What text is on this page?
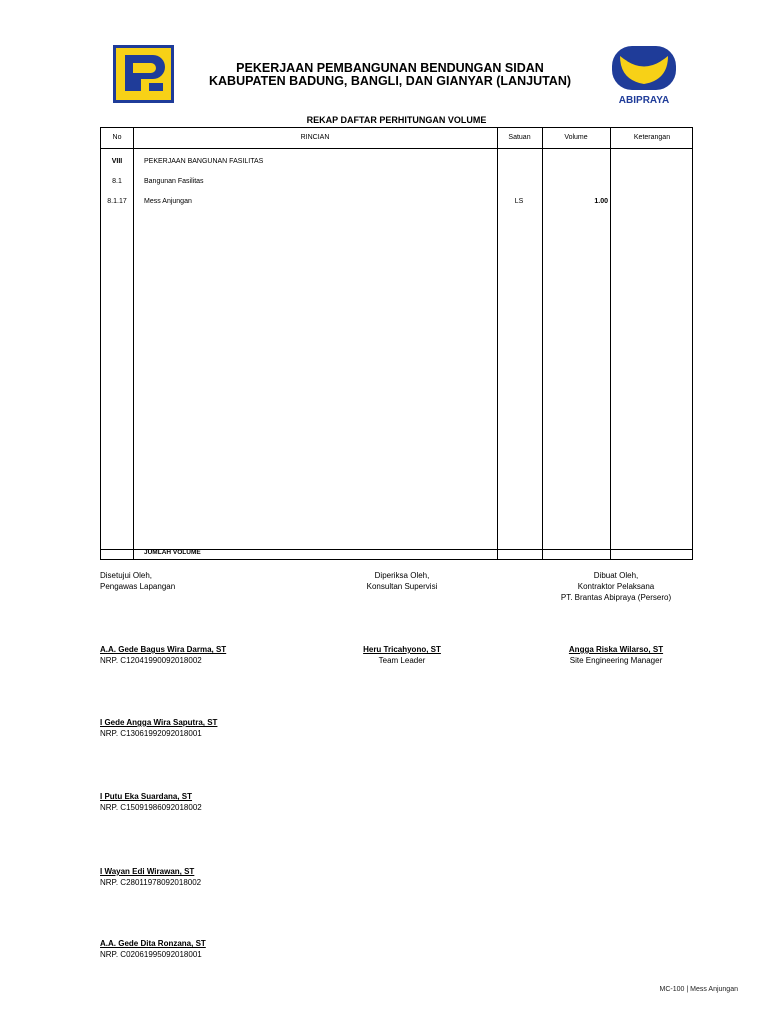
ABIPRAYA
PEKERJAAN PEMBANGUNAN BENDUNGAN SIDAN
KABUPATEN BADUNG, BANGLI, DAN GIANYAR (LANJUTAN)
REKAP DAFTAR PERHITUNGAN VOLUME
No	RINCIAN	Satuan	Volume	Keterangan
VIII	PEKERJAAN BANGUNAN FASILITAS
8.1	Bangunan Fasilitas
8.1.17	Mess Anjungan	LS	1.00
JUMLAH VOLUME
Disetujui Oleh,
Pengawas Lapangan
Diperiksa Oleh,
Konsultan Supervisi
Dibuat Oleh,
Kontraktor Pelaksana
PT. Brantas Abipraya (Persero)
A.A. Gede Bagus Wira Darma, ST
NRP. C12041990092018002
Heru Tricahyono, ST
Team Leader
Angga Riska Wilarso, ST
Site Engineering Manager
I Gede Angga Wira Saputra, ST
NRP. C13061992092018001
I Putu Eka Suardana, ST
NRP. C15091986092018002
I Wayan Edi Wirawan, ST
NRP. C28011978092018002
A.A. Gede Dita Ronzana, ST
NRP. C02061995092018001
MC-100 | Mess Anjungan
